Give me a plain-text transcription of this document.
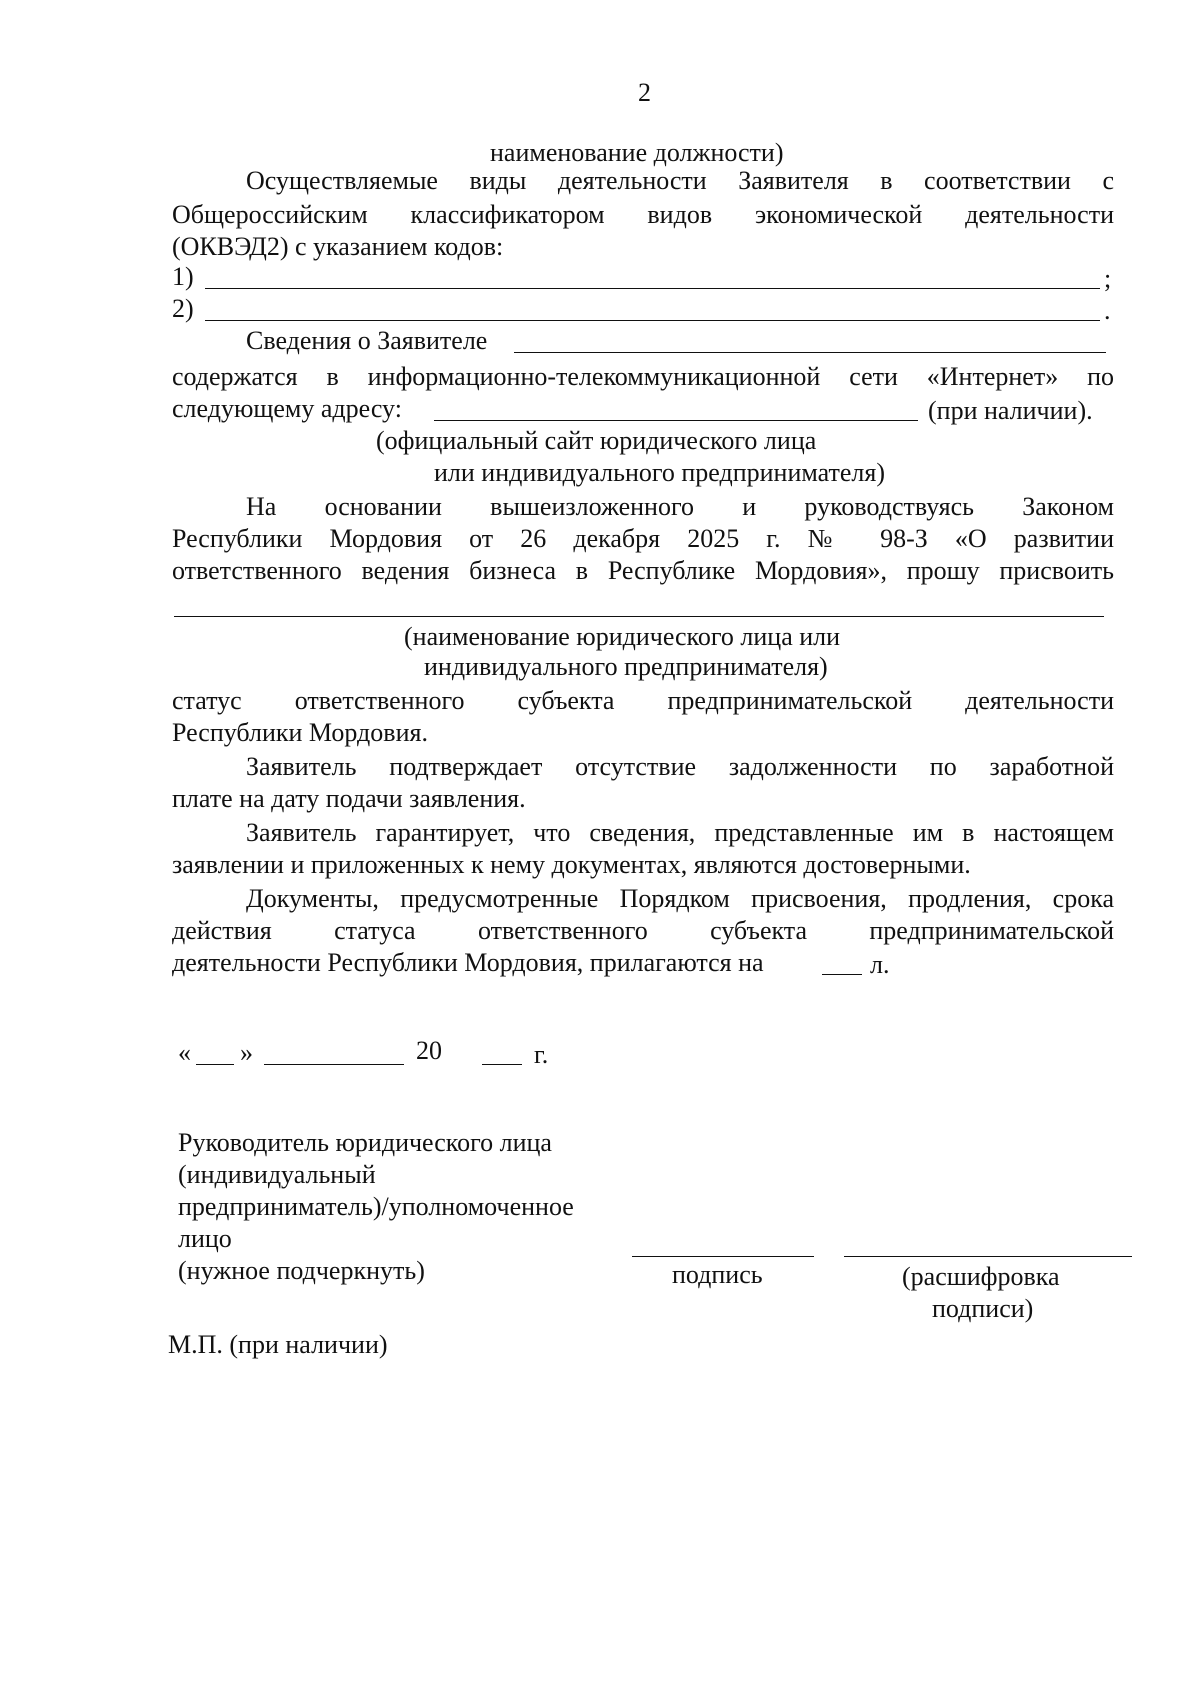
2
наименование должности)
Осуществляемые виды деятельности Заявителя в соответствии с
Общероссийским классификатором видов экономической деятельности
(ОКВЭД2) с указанием кодов:
1)	;
2)	.
Сведения о Заявителе
содержатся в информационно-телекоммуникационной сети «Интернет» по
следующему адресу:	(при наличии).
(официальный сайт юридического лица
или индивидуального предпринимателя)
На основании вышеизложенного и руководствуясь Законом
Республики Мордовия от 26 декабря 2025 г. № 98-З «О развитии
ответственного ведения бизнеса в Республике Мордовия», прошу присвоить
(наименование юридического лица или
индивидуального предпринимателя)
статус ответственного субъекта предпринимательской деятельности
Республики Мордовия.
Заявитель подтверждает отсутствие задолженности по заработной
плате на дату подачи заявления.
Заявитель гарантирует, что сведения, представленные им в настоящем
заявлении и приложенных к нему документах, являются достоверными.
Документы, предусмотренные Порядком присвоения, продления, срока
действия статуса ответственного субъекта предпринимательской
деятельности Республики Мордовия, прилагаются на	л.
« »	20	г.
Руководитель юридического лица
(индивидуальный
предприниматель)/уполномоченное
лицо
(нужное подчеркнуть)	подпись	(расшифровка
подписи)
М.П. (при наличии)
